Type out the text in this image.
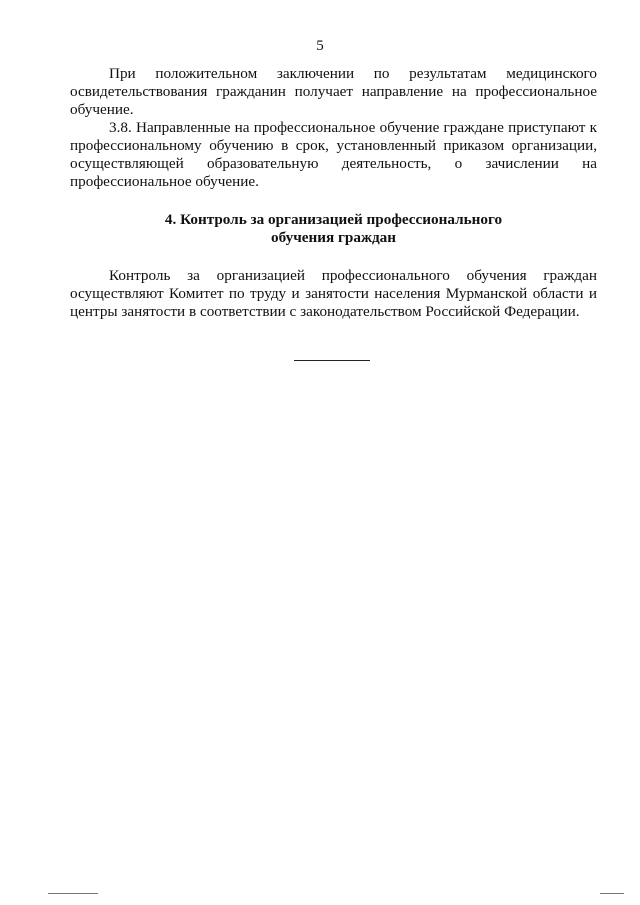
5

При положительном заключении по результатам медицинского освидетельствования гражданин получает направление на профессиональное обучение.

3.8. Направленные на профессиональное обучение граждане приступают к профессиональному обучению в срок, установленный приказом организации, осуществляющей образовательную деятельность, о зачислении на профессиональное обучение.

4. Контроль за организацией профессионального
обучения граждан

Контроль за организацией профессионального обучения граждан осуществляют Комитет по труду и занятости населения Мурманской области и центры занятости в соответствии с законодательством Российской Федерации.
